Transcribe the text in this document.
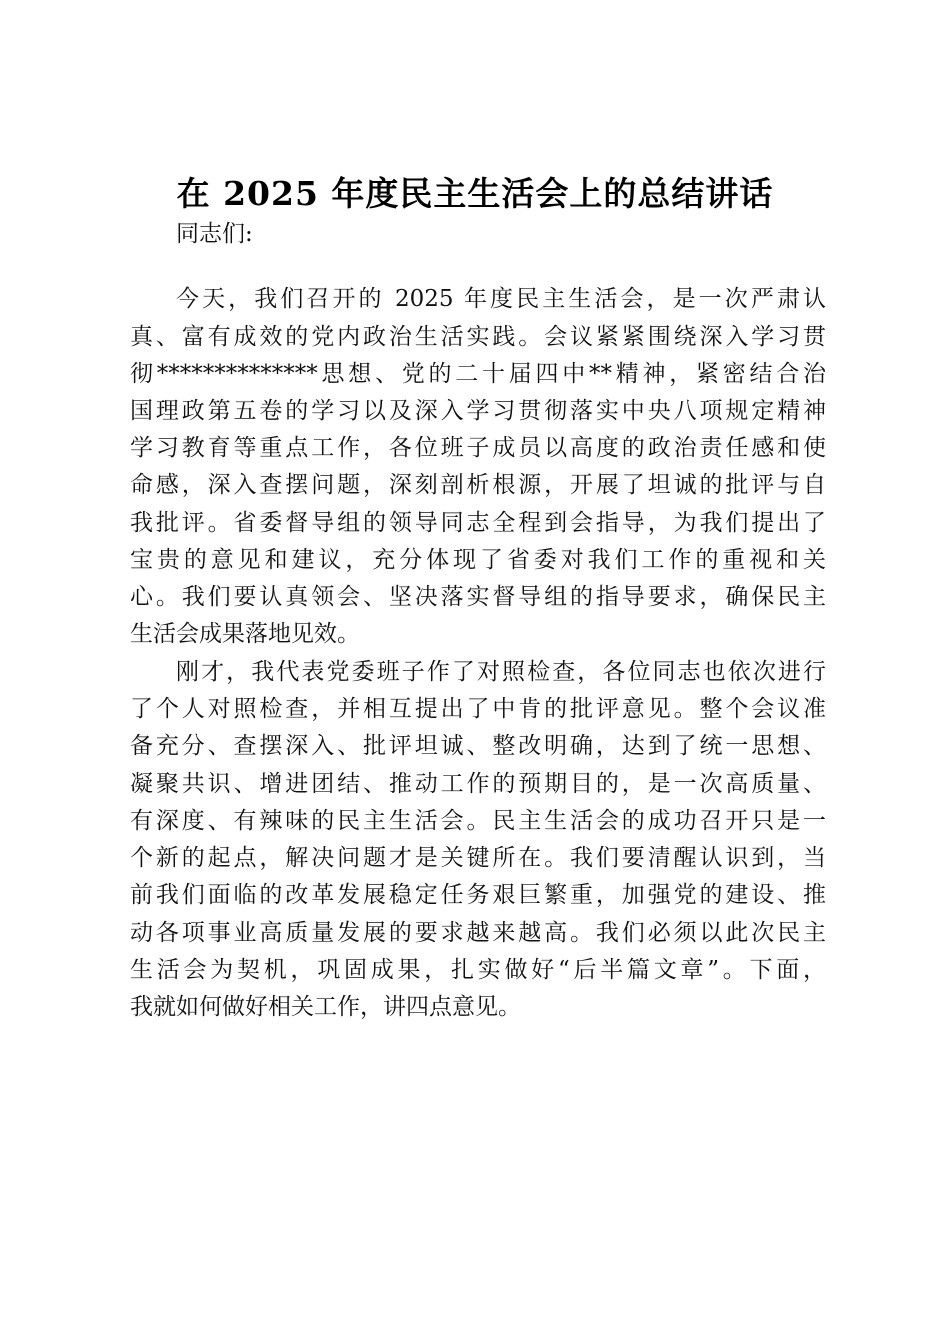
在 2025 年度民主生活会上的总结讲话
同志们:
今天，我们召开的 2025 年度民主生活会，是一次严肃认
真、富有成效的党内政治生活实践。会议紧紧围绕深入学习贯
彻**************思想、党的二十届四中**精神，紧密结合治
国理政第五卷的学习以及深入学习贯彻落实中央八项规定精神
学习教育等重点工作，各位班子成员以高度的政治责任感和使
命感，深入查摆问题，深刻剖析根源，开展了坦诚的批评与自
我批评。省委督导组的领导同志全程到会指导，为我们提出了
宝贵的意见和建议，充分体现了省委对我们工作的重视和关
心。我们要认真领会、坚决落实督导组的指导要求，确保民主
生活会成果落地见效。
刚才，我代表党委班子作了对照检查，各位同志也依次进行
了个人对照检查，并相互提出了中肯的批评意见。整个会议准
备充分、查摆深入、批评坦诚、整改明确，达到了统一思想、
凝聚共识、增进团结、推动工作的预期目的，是一次高质量、
有深度、有辣味的民主生活会。民主生活会的成功召开只是一
个新的起点，解决问题才是关键所在。我们要清醒认识到，当
前我们面临的改革发展稳定任务艰巨繁重，加强党的建设、推
动各项事业高质量发展的要求越来越高。我们必须以此次民主
生活会为契机，巩固成果，扎实做好“后半篇文章”。下面，
我就如何做好相关工作，讲四点意见。
